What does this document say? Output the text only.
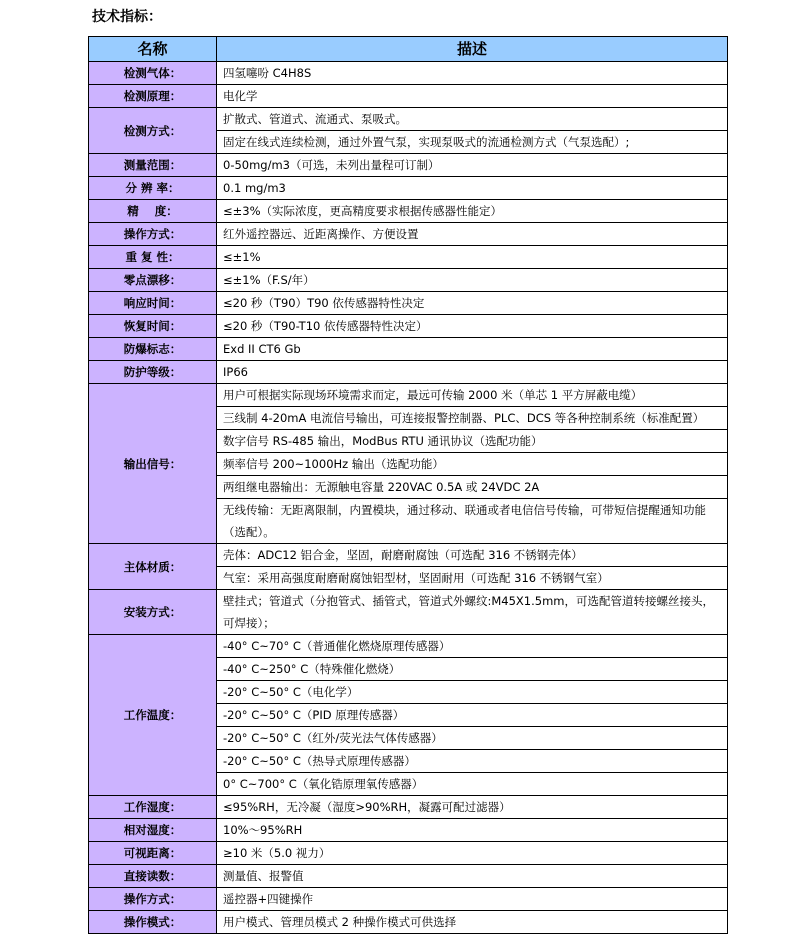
技术指标：
名称	描述
检测气体：	四氢噻吩 C4H8S
检测原理：	电化学
检测方式：	扩散式、管道式、流通式、泵吸式。
	固定在线式连续检测，通过外置气泵，实现泵吸式的流通检测方式（气泵选配）;
测量范围：	0-50mg/m3（可选，未列出量程可订制）
分 辨 率：	0.1 mg/m3
精    度：	≤±3%（实际浓度，更高精度要求根据传感器性能定）
操作方式：	红外遥控器远、近距离操作、方便设置
重 复 性：	≤±1%
零点漂移：	≤±1%（F.S/年）
响应时间：	≤20 秒（T90）T90 依传感器特性决定
恢复时间：	≤20 秒（T90-T10 依传感器特性决定）
防爆标志：	Exd II CT6 Gb
防护等级：	IP66
输出信号：	用户可根据实际现场环境需求而定，最远可传输 2000 米（单芯 1 平方屏蔽电缆）
	三线制 4-20mA 电流信号输出，可连接报警控制器、PLC、DCS 等各种控制系统（标准配置）
	数字信号 RS-485 输出，ModBus RTU 通讯协议（选配功能）
	频率信号 200~1000Hz 输出（选配功能）
	两组继电器输出：无源触电容量 220VAC 0.5A 或 24VDC 2A
	无线传输：无距离限制，内置模块，通过移动、联通或者电信信号传输，可带短信提醒通知功能（选配）。
主体材质：	壳体：ADC12 铝合金，坚固，耐磨耐腐蚀（可选配 316 不锈钢壳体）
	气室：采用高强度耐磨耐腐蚀铝型材，坚固耐用（可选配 316 不锈钢气室）
安装方式：	壁挂式；管道式（分抱管式、插管式，管道式外螺纹:M45X1.5mm，可选配管道转接螺丝接头，可焊接）；
工作温度：	-40° C~70° C（普通催化燃烧原理传感器）
	-40° C~250° C（特殊催化燃烧）
	-20° C~50° C（电化学）
	-20° C~50° C（PID 原理传感器）
	-20° C~50° C（红外/荧光法气体传感器）
	-20° C~50° C（热导式原理传感器）
	0° C~700° C（氧化锆原理氧传感器）
工作湿度：	≤95%RH，无冷凝（湿度>90%RH，凝露可配过滤器）
相对湿度：	10%～95%RH
可视距离：	≥10 米（5.0 视力）
直接读数：	测量值、报警值
操作方式：	遥控器+四键操作
操作模式：	用户模式、管理员模式 2 种操作模式可供选择
